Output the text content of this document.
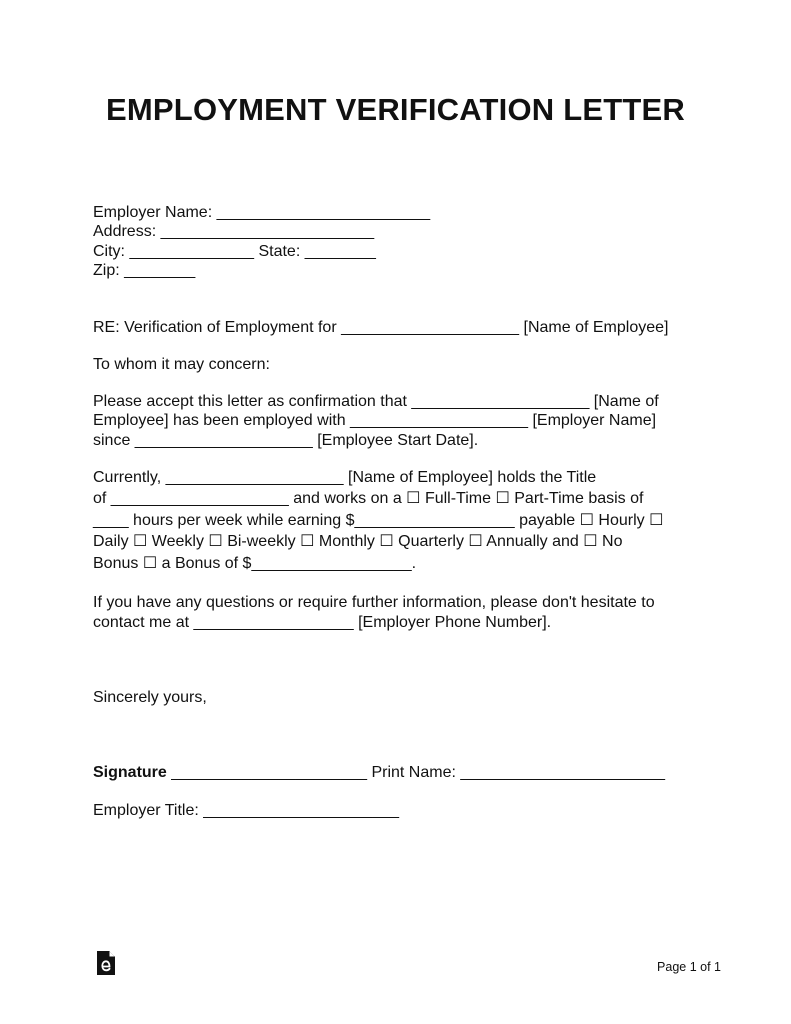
EMPLOYMENT VERIFICATION LETTER
Employer Name: ________________________
Address: ________________________
City: ______________ State: ________
Zip: ________
RE: Verification of Employment for ____________________ [Name of Employee]
To whom it may concern:
Please accept this letter as confirmation that ____________________ [Name of
Employee] has been employed with ____________________ [Employer Name]
since ____________________ [Employee Start Date].
Currently, ____________________ [Name of Employee] holds the Title
of ____________________ and works on a ☐ Full-Time ☐ Part-Time basis of
____ hours per week while earning $__________________ payable ☐ Hourly ☐
Daily ☐ Weekly ☐ Bi-weekly ☐ Monthly ☐ Quarterly ☐ Annually and ☐ No
Bonus ☐ a Bonus of $__________________.
If you have any questions or require further information, please don't hesitate to
contact me at __________________ [Employer Phone Number].
Sincerely yours,
Signature ______________________ Print Name: _______________________
Employer Title: ______________________
Page 1 of 1
